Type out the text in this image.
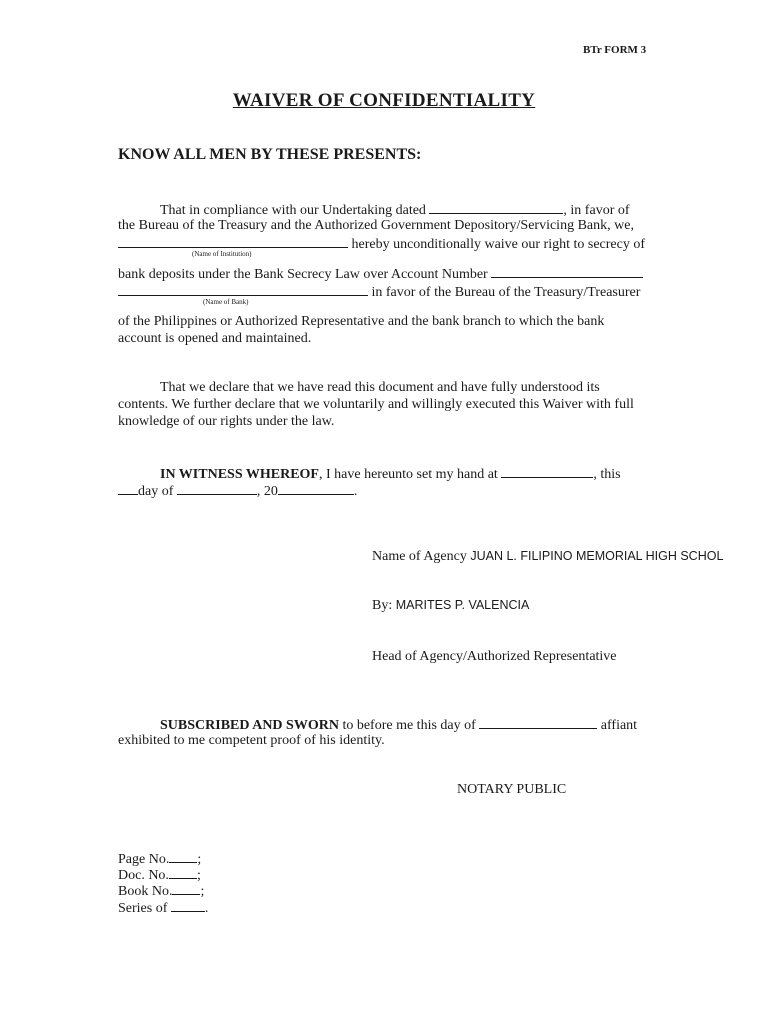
BTr FORM 3
WAIVER OF CONFIDENTIALITY
KNOW ALL MEN BY THESE PRESENTS:
That in compliance with our Undertaking dated	, in favor of
the Bureau of the Treasury and the Authorized Government Depository/Servicing Bank, we,
hereby unconditionally waive our right to secrecy of
(Name of Institution)
bank deposits under the Bank Secrecy Law over Account Number
in favor of the Bureau of the Treasury/Treasurer
(Name of Bank)
of the Philippines or Authorized Representative and the bank branch to which the bank
account is opened and maintained.
That we declare that we have read this document and have fully understood its
contents. We further declare that we voluntarily and willingly executed this Waiver with full
knowledge of our rights under the law.
IN WITNESS WHEREOF, I have hereunto set my hand at	, this
day of	, 20	.
Name of Agency JUAN L. FILIPINO MEMORIAL HIGH SCHOL
By: MARITES P. VALENCIA
Head of Agency/Authorized Representative
SUBSCRIBED AND SWORN to before me this day of	affiant
exhibited to me competent proof of his identity.
NOTARY PUBLIC
Page No. ;
Doc. No. ;
Book No. ;
Series of	.
